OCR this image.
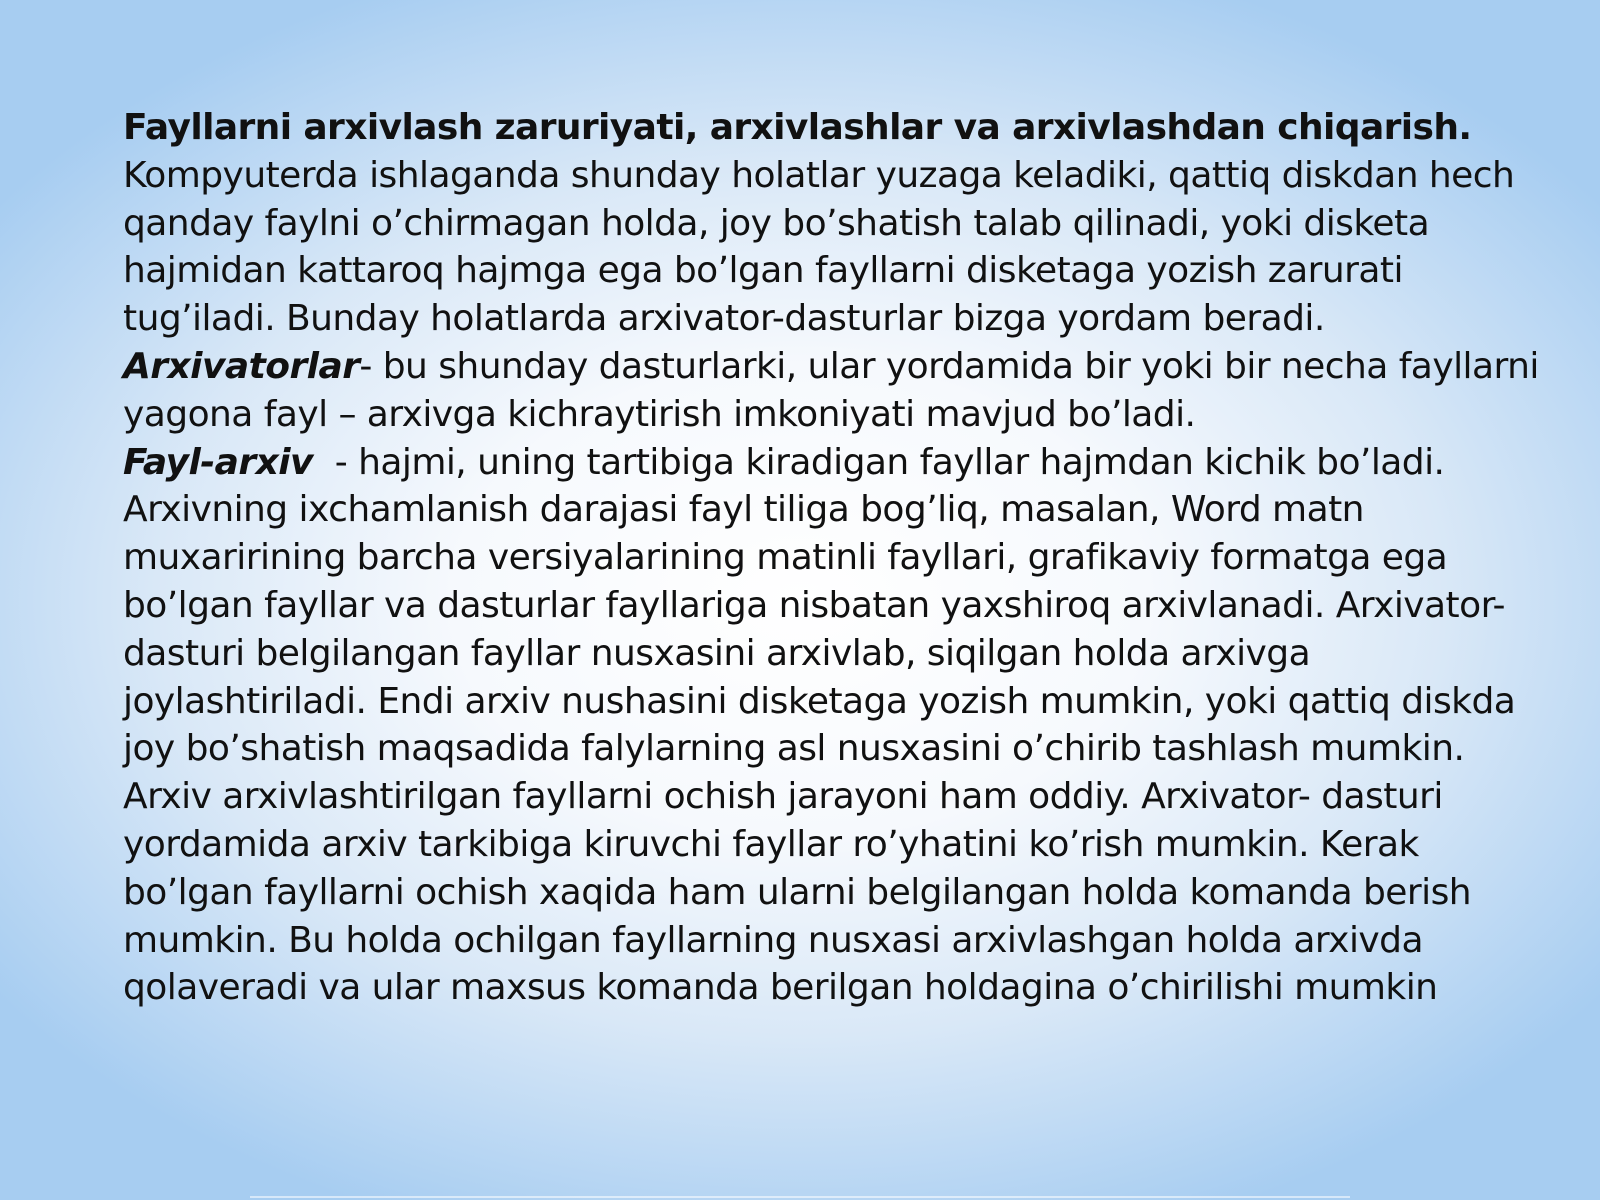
Fayllarni arxivlash zaruriyati, arxivlashlar va arxivlashdan chiqarish.

Kompyuterda ishlaganda shunday holatlar yuzaga keladiki, qattiq diskdan hech qanday faylni o’chirmagan holda, joy bo’shatish talab qilinadi, yoki disketa hajmidan kattaroq hajmga ega bo’lgan fayllarni disketaga yozish zarurati tug’iladi. Bunday holatlarda arxivator-dasturlar bizga yordam beradi.

Arxivatorlar- bu shunday dasturlarki, ular yordamida bir yoki bir necha fayllarni yagona fayl – arxivga kichraytirish imkoniyati mavjud bo’ladi.

Fayl-arxiv  - hajmi, uning tartibiga kiradigan fayllar hajmdan kichik bo’ladi. Arxivning ixchamlanish darajasi fayl tiliga bog’liq, masalan, Word matn muxaririning barcha versiyalarining matinli fayllari, grafikaviy formatga ega bo’lgan fayllar va dasturlar fayllariga nisbatan yaxshiroq arxivlanadi. Arxivator-dasturi belgilangan fayllar nusxasini arxivlab, siqilgan holda arxivga joylashtiriladi. Endi arxiv nushasini disketaga yozish mumkin, yoki qattiq diskda joy bo’shatish maqsadida falylarning asl nusxasini o’chirib tashlash mumkin. Arxiv arxivlashtirilgan fayllarni ochish jarayoni ham oddiy. Arxivator- dasturi yordamida arxiv tarkibiga kiruvchi fayllar ro’yhatini ko’rish mumkin. Kerak bo’lgan fayllarni ochish xaqida ham ularni belgilangan holda komanda berish mumkin. Bu holda ochilgan fayllarning nusxasi arxivlashgan holda arxivda qolaveradi va ular maxsus komanda berilgan holdagina o’chirilishi mumkin
